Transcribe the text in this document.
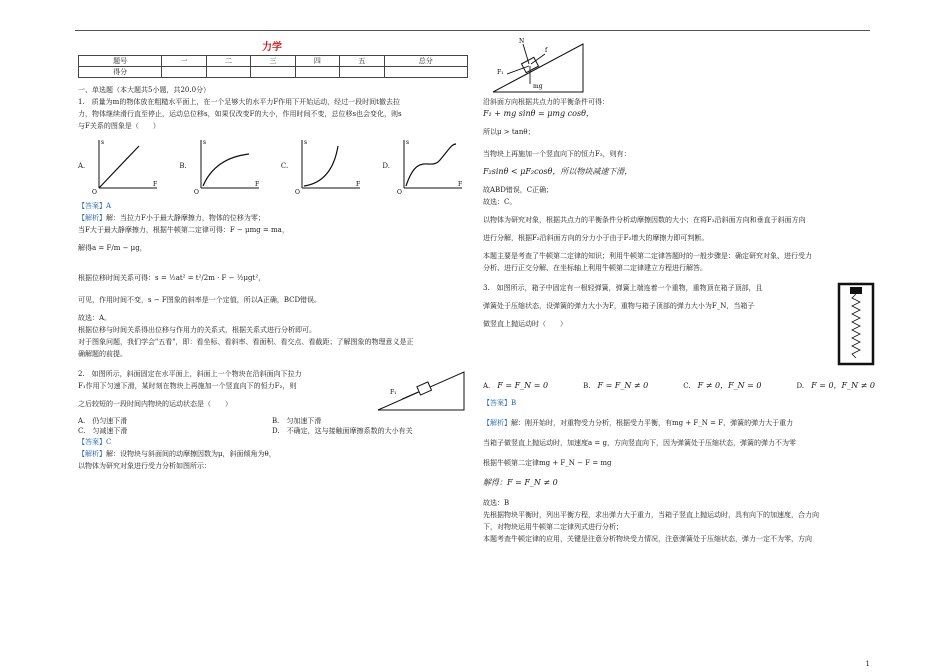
力学
题号	一	二	三	四	五	总分
得分						

一、单选题（本大题共5小题，共20.0分）

1.　质量为m的物体放在粗糙水平面上，在一个足够大的水平力F作用下开始运动，经过一段时间t撤去拉

力，物体继续滑行直至停止，运动总位移s，如果仅改变F的大小，作用时间不变，总位移s也会变化，则s

与F关系的图象是（　　）

A.
s
F
O
B.
s
F
O
C.
s
F
O
D.
s
F
O

【答案】A

【解析】解：当拉力F小于最大静摩擦力，物体的位移为零；

当F大于最大静摩擦力，根据牛顿第二定律可得：F − μmg = ma，

解得a = F/m − μg，

根据位移时间关系可得：s = ½at² = t²/2m · F − ½μgt²，

可见，作用时间不变，s − F图象的斜率是一个定值，所以A正确，BCD错误。

故选：A。

根据位移与时间关系得出位移与作用力的关系式，根据关系式进行分析即可。

对于图象问题，我们学会"五看"，即：看坐标、看斜率、看面积、看交点、看截距；了解图象的物理意义是正

确解题的前提。

2.　如图所示，斜面固定在水平面上，斜面上一个物块在沿斜面向下拉力

F₁作用下匀速下滑，某时刻在物块上再施加一个竖直向下的恒力F₂，则

之后较短的一段时间内物块的运动状态是（　　）

F₁
A.　仍匀速下滑	B.　匀加速下滑
C.　匀减速下滑	D.　不确定，这与接触面摩擦系数的大小有关

【答案】C

【解析】解：设物块与斜面间的动摩擦因数为μ，斜面倾角为θ，

以物体为研究对象进行受力分析如图所示：

N
f
F₁
mg

沿斜面方向根据共点力的平衡条件可得：

F₁ + mg sinθ = μmg cosθ，

所以μ > tanθ；

当物块上再施加一个竖直向下的恒力F₂，则有：

F₂sinθ < μF₂cosθ，所以物块减速下滑，

故ABD错误，C正确；

故选：C。

以物体为研究对象，根据共点力的平衡条件分析动摩擦因数的大小；在将F₂沿斜面方向和垂直于斜面方向

进行分解，根据F₂沿斜面方向的分力小于由于F₂增大的摩擦力即可判断。

本题主要是考查了牛顿第二定律的知识；利用牛顿第二定律答题时的一般步骤是：确定研究对象、进行受力

分析、进行正交分解、在坐标轴上利用牛顿第二定律建立方程进行解答。

3.　如图所示，箱子中固定有一根轻弹簧，弹簧上端连着一个重物，重物顶在箱子顶部，且

弹簧处于压缩状态，设弹簧的弹力大小为F，重物与箱子顶部的弹力大小为F_N，当箱子

做竖直上抛运动时（　　）

A.　 F = F_N = 0	B.　 F = F_N ≠ 0	C.　 F ≠ 0，F_N = 0	D.　 F = 0，F_N ≠ 0

【答案】B

【解析】解：刚开始时，对重物受力分析，根据受力平衡，有mg + F_N = F，弹簧的弹力大于重力

当箱子做竖直上抛运动时，加速度a = g，方向竖直向下，因为弹簧处于压缩状态，弹簧的弹力不为零

根据牛顿第二定律mg + F_N − F = mg

解得：F = F_N ≠ 0

故选：B

先根据物块平衡时，列出平衡方程，求出弹力大于重力，当箱子竖直上抛运动时，具有向下的加速度，合力向

下，对物块运用牛顿第二定律列式进行分析；

本题考查牛顿定律的应用，关键是注意分析物块受力情况，注意弹簧处于压缩状态，弹力一定不为零，方向

1
